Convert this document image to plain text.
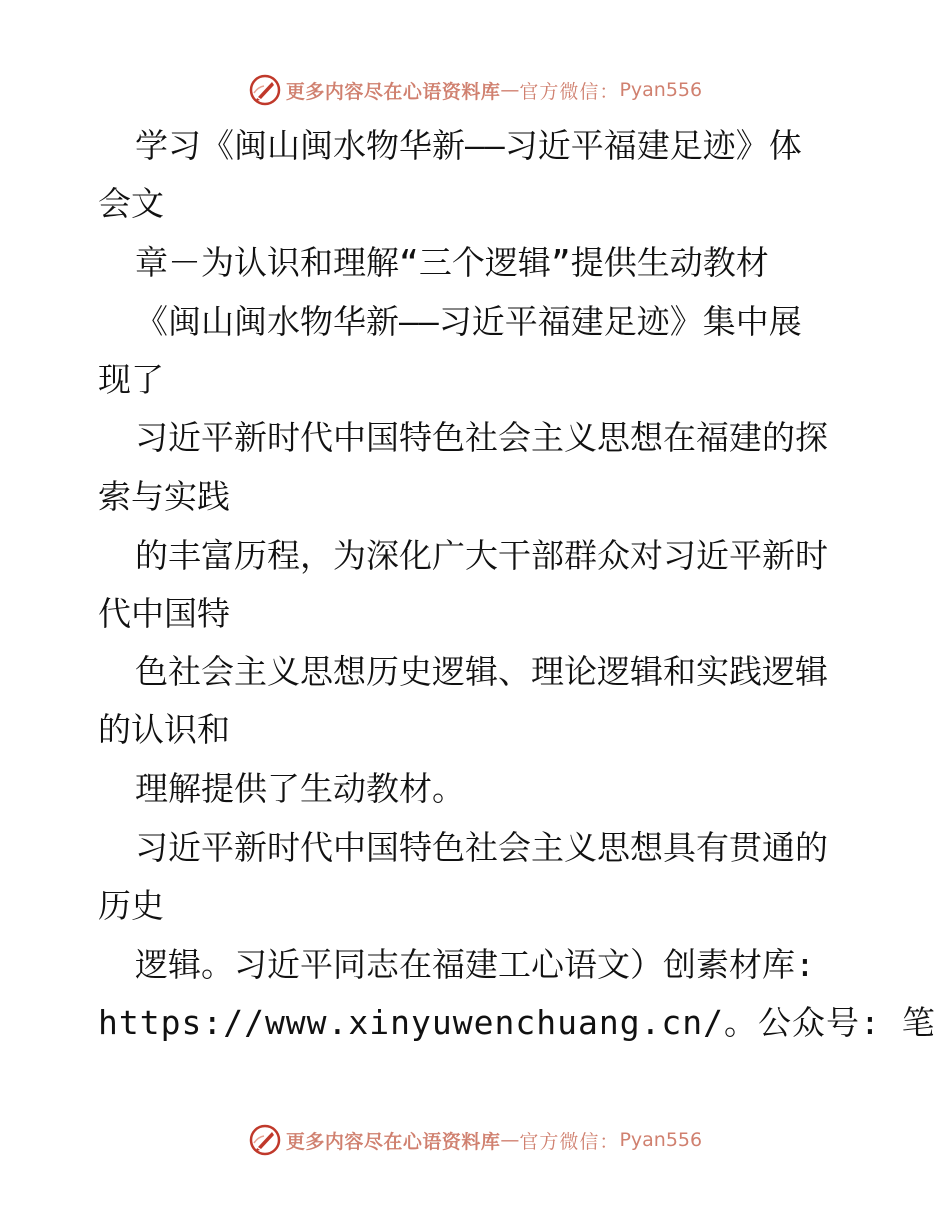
更多内容尽在心语资料库 — 官方微信 ： Pyan556
学习《闽山闽水物华新——习近平福建足迹》体
会文
章－为认识和理解“三个逻辑”提供生动教材
《闽山闽水物华新——习近平福建足迹》集中展
现了
习近平新时代中国特色社会主义思想在福建的探
索与实践
的丰富历程，为深化广大干部群众对习近平新时
代中国特
色社会主义思想历史逻辑、理论逻辑和实践逻辑
的认识和
理解提供了生动教材。
习近平新时代中国特色社会主义思想具有贯通的
历史
逻辑。习近平同志在福建工心语文）创素材库:
https://www.xinyuwenchuang.cn/。公众号: 笔
更多内容尽在心语资料库 — 官方微信 ： Pyan556
